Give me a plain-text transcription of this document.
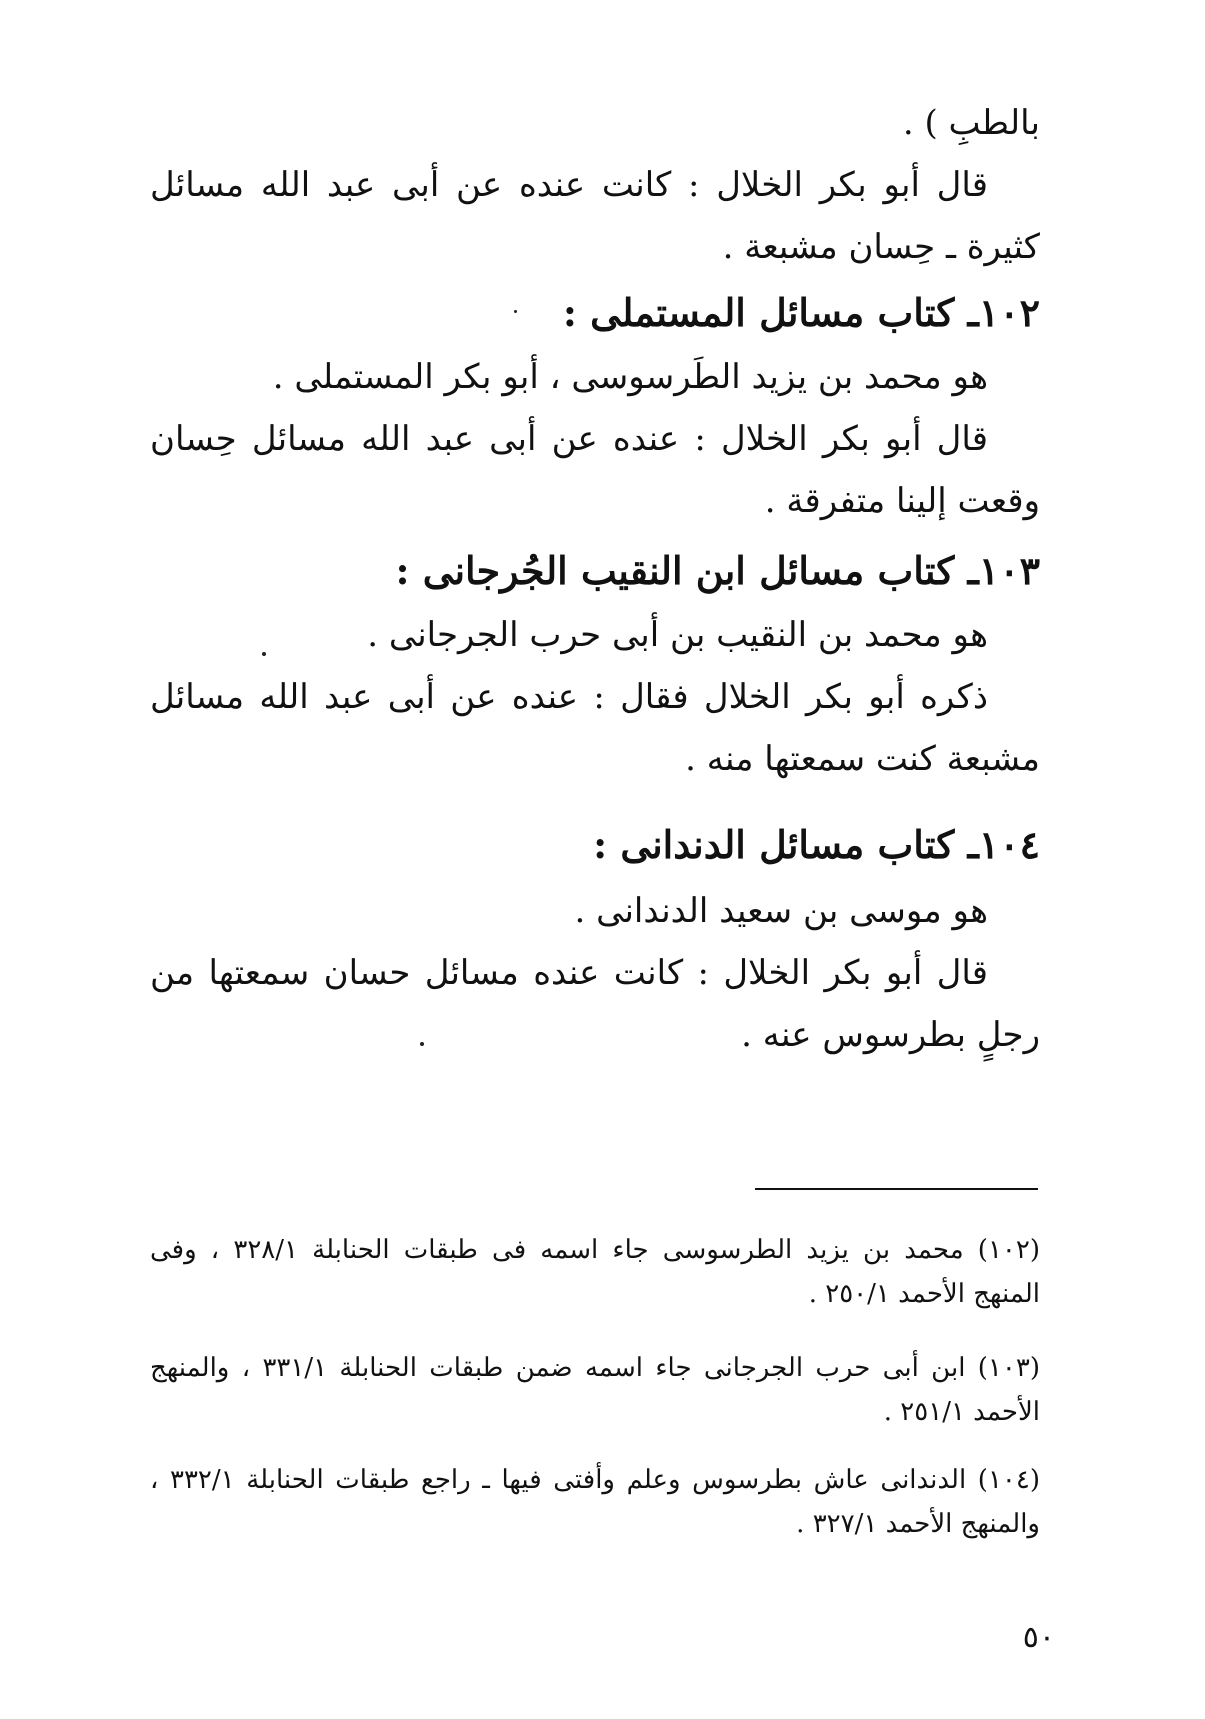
بالطبِ ) .
قال أبو بكر الخلال : كانت عنده عن أبى عبد الله مسائل كثيرة ـ حِسان مشبعة .
١٠٢ـ كتاب مسائل المستملى :
هو محمد بن يزيد الطَرسوسى ، أبو بكر المستملى .
قال أبو بكر الخلال : عنده عن أبى عبد الله مسائل حِسان وقعت إلينا متفرقة .
١٠٣ـ كتاب مسائل ابن النقيب الجُرجانى :
هو محمد بن النقيب بن أبى حرب الجرجانى .
ذكره أبو بكر الخلال فقال : عنده عن أبى عبد الله مسائل مشبعة كنت سمعتها منه .
١٠٤ـ كتاب مسائل الدندانى :
هو موسى بن سعيد الدندانى .
قال أبو بكر الخلال : كانت عنده مسائل حسان سمعتها من رجلٍ بطرسوس عنه .
(١٠٢) محمد بن يزيد الطرسوسى جاء اسمه فى طبقات الحنابلة ٣٢٨/١ ، وفى المنهج الأحمد ٢٥٠/١ .
(١٠٣) ابن أبى حرب الجرجانى جاء اسمه ضمن طبقات الحنابلة ٣٣١/١ ، والمنهج الأحمد ٢٥١/١ .
(١٠٤) الدندانى عاش بطرسوس وعلم وأفتى فيها ـ راجع طبقات الحنابلة ٣٣٢/١ ، والمنهج الأحمد ٣٢٧/١ .
٥٠
